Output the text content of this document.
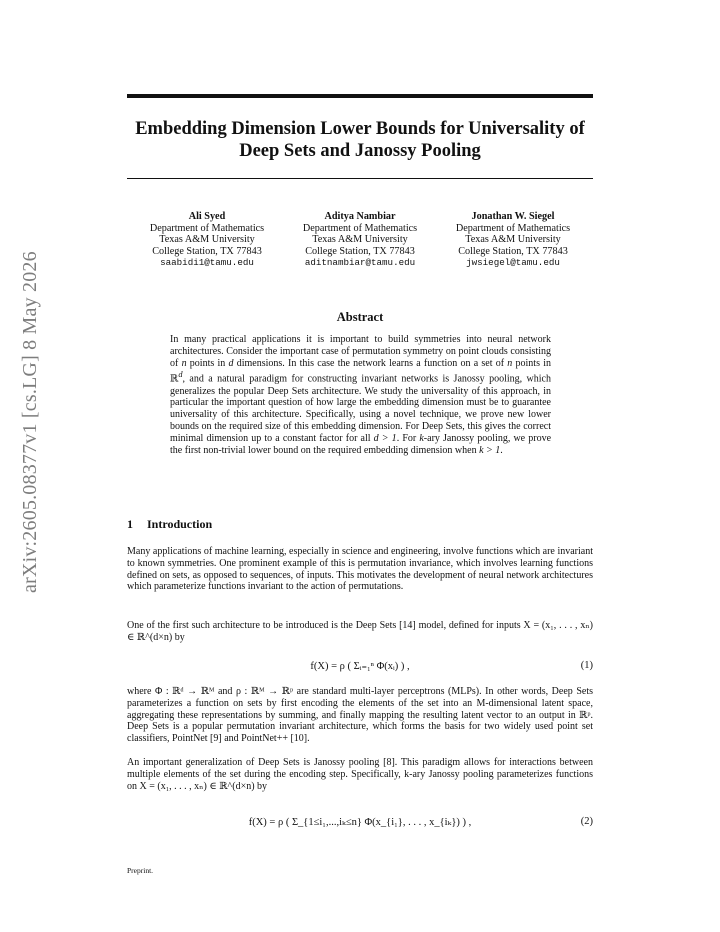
arXiv:2605.08377v1 [cs.LG] 8 May 2026
Embedding Dimension Lower Bounds for Universality of Deep Sets and Janossy Pooling
Ali Syed
Department of Mathematics
Texas A&M University
College Station, TX 77843
saabidi1@tamu.edu
Aditya Nambiar
Department of Mathematics
Texas A&M University
College Station, TX 77843
aditnambiar@tamu.edu
Jonathan W. Siegel
Department of Mathematics
Texas A&M University
College Station, TX 77843
jwsiegel@tamu.edu
Abstract
In many practical applications it is important to build symmetries into neural network architectures. Consider the important case of permutation symmetry on point clouds consisting of n points in d dimensions. In this case the network learns a function on a set of n points in ℝ$^d$, and a natural paradigm for constructing invariant networks is Janossy pooling, which generalizes the popular Deep Sets architecture. We study the universality of this approach, in particular the important question of how large the embedding dimension must be to guarantee universality of this architecture. Specifically, using a novel technique, we prove new lower bounds on the required size of this embedding dimension. For Deep Sets, this gives the correct minimal dimension up to a constant factor for all d > 1. For k-ary Janossy pooling, we prove the first non-trivial lower bound on the required embedding dimension when k > 1.
1 Introduction
Many applications of machine learning, especially in science and engineering, involve functions which are invariant to known symmetries. One prominent example of this is permutation invariance, which involves learning functions defined on sets, as opposed to sequences, of inputs. This motivates the development of neural network architectures which parameterize functions invariant to the action of permutations.
One of the first such architecture to be introduced is the Deep Sets [14] model, defined for inputs X = (x₁, . . . , xₙ) ∈ ℝ^(d×n) by
f(X) = ρ ( Σᵢ₌₁ⁿ Φ(xᵢ) ) ,	(1)
where Φ : ℝᵈ → ℝᴹ and ρ : ℝᴹ → ℝᵖ are standard multi-layer perceptrons (MLPs). In other words, Deep Sets parameterizes a function on sets by first encoding the elements of the set into an M-dimensional latent space, aggregating these representations by summing, and finally mapping the resulting latent vector to an output in ℝᵖ. Deep Sets is a popular permutation invariant architecture, which forms the basis for two widely used point set classifiers, PointNet [9] and PointNet++ [10].
An important generalization of Deep Sets is Janossy pooling [8]. This paradigm allows for interactions between multiple elements of the set during the encoding step. Specifically, k-ary Janossy pooling parameterizes functions on X = (x₁, . . . , xₙ) ∈ ℝ^(d×n) by
f(X) = ρ ( Σ_{1≤i₁,...,iₖ≤n} Φ(x_{i₁}, . . . , x_{iₖ}) ) ,	(2)
Preprint.
